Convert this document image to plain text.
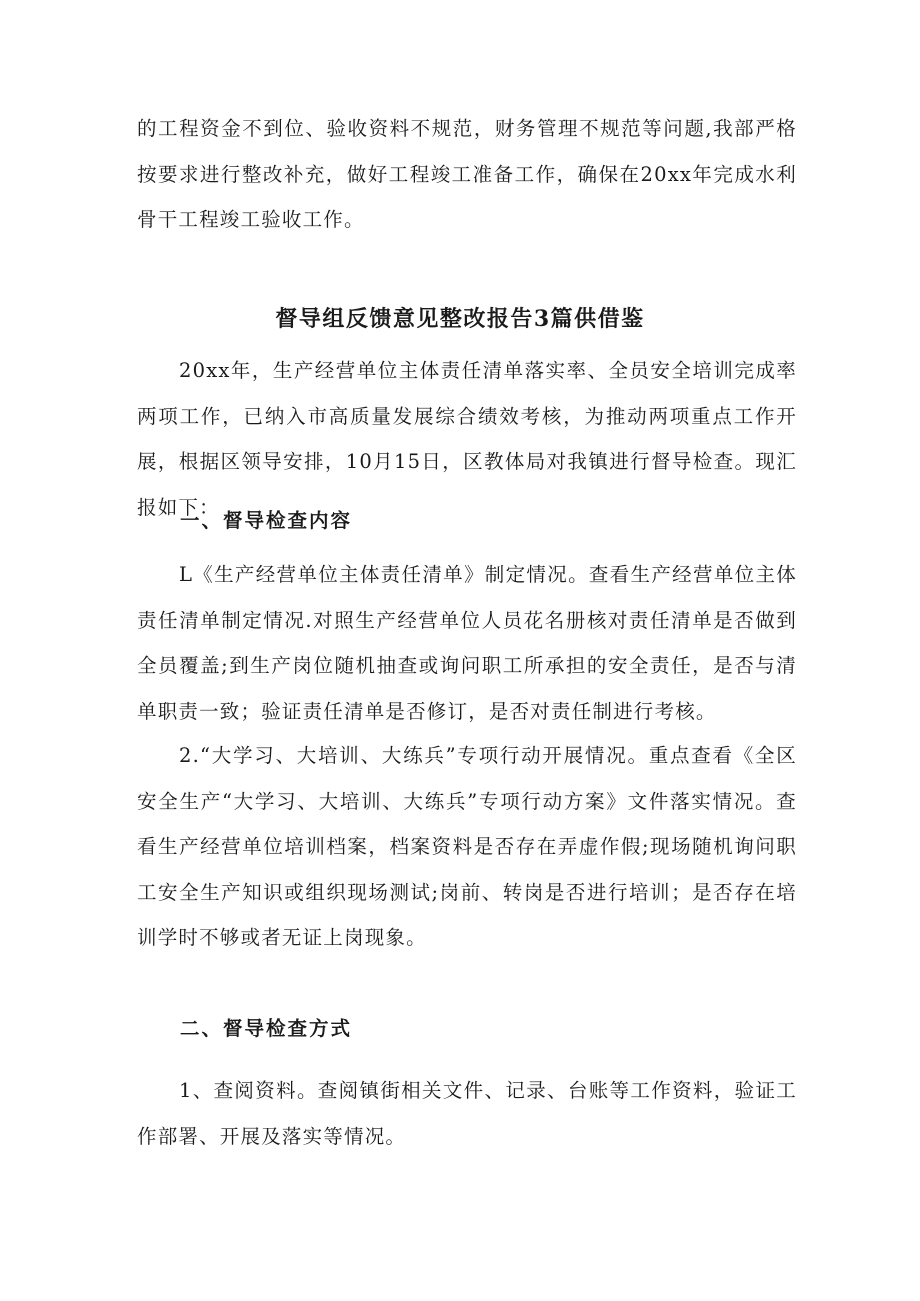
的工程资金不到位、验收资料不规范，财务管理不规范等问题,我部严格按要求进行整改补充，做好工程竣工准备工作，确保在20xx年完成水利骨干工程竣工验收工作。

督导组反馈意见整改报告3篇供借鉴

20xx年，生产经营单位主体责任清单落实率、全员安全培训完成率两项工作，已纳入市高质量发展综合绩效考核，为推动两项重点工作开展，根据区领导安排，10月15日，区教体局对我镇进行督导检查。现汇报如下：

一、督导检查内容

L《生产经营单位主体责任清单》制定情况。查看生产经营单位主体责任清单制定情况.对照生产经营单位人员花名册核对责任清单是否做到全员覆盖;到生产岗位随机抽查或询问职工所承担的安全责任，是否与清单职责一致；验证责任清单是否修订，是否对责任制进行考核。

2.“大学习、大培训、大练兵”专项行动开展情况。重点查看《全区安全生产“大学习、大培训、大练兵”专项行动方案》文件落实情况。查看生产经营单位培训档案，档案资料是否存在弄虚作假;现场随机询问职工安全生产知识或组织现场测试;岗前、转岗是否进行培训；是否存在培训学时不够或者无证上岗现象。

二、督导检查方式

1、查阅资料。查阅镇街相关文件、记录、台账等工作资料，验证工作部署、开展及落实等情况。
